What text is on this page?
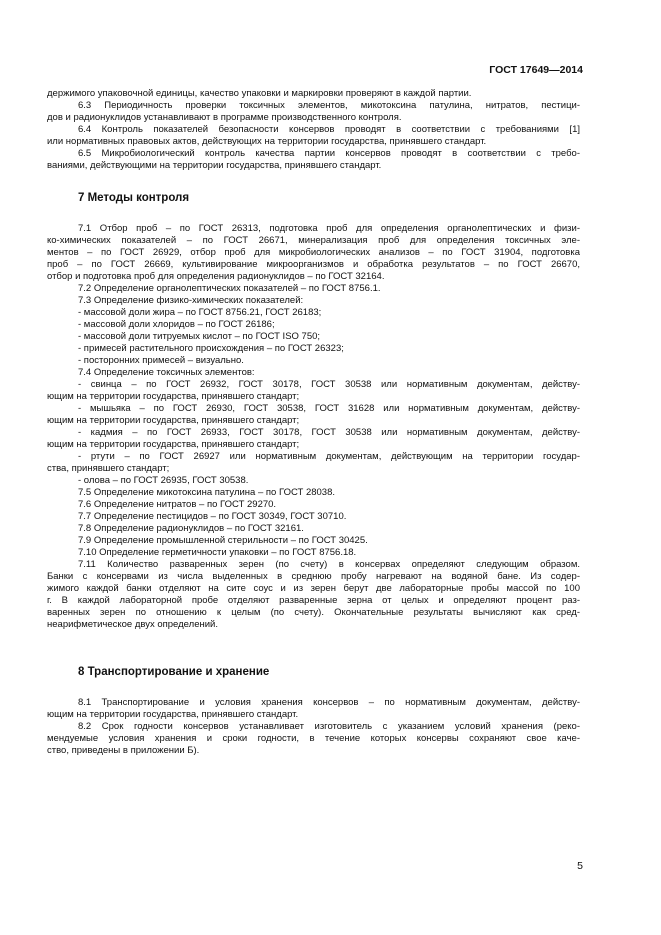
ГОСТ 17649—2014
держимого упаковочной единицы, качество упаковки и маркировки проверяют в каждой партии.
6.3 Периодичность проверки токсичных элементов, микотоксина патулина, нитратов, пестици-
дов и радионуклидов устанавливают в программе производственного контроля.
6.4 Контроль показателей безопасности консервов проводят в соответствии с требованиями [1]
или нормативных правовых актов, действующих на территории государства, принявшего стандарт.
6.5 Микробиологический контроль качества партии консервов проводят в соответствии с требо-
ваниями, действующими на территории государства, принявшего стандарт.
7 Методы контроля
7.1 Отбор проб – по ГОСТ 26313, подготовка проб для определения органолептических и физи-
ко-химических показателей – по ГОСТ 26671, минерализация проб для определения токсичных эле-
ментов – по ГОСТ 26929, отбор проб для микробиологических анализов – по ГОСТ 31904, подготовка
проб – по ГОСТ 26669, культивирование микроорганизмов и обработка результатов – по ГОСТ 26670,
отбор и подготовка проб для определения радионуклидов – по ГОСТ 32164.
7.2 Определение органолептических показателей – по ГОСТ 8756.1.
7.3 Определение физико-химических показателей:
- массовой доли жира – по ГОСТ 8756.21, ГОСТ 26183;
- массовой доли хлоридов – по ГОСТ 26186;
- массовой доли титруемых кислот – по ГОСТ ISO 750;
- примесей растительного происхождения – по ГОСТ 26323;
- посторонних примесей – визуально.
7.4 Определение токсичных элементов:
- свинца – по ГОСТ 26932, ГОСТ 30178, ГОСТ 30538 или нормативным документам, действу-
ющим на территории государства, принявшего стандарт;
- мышьяка – по ГОСТ 26930, ГОСТ 30538, ГОСТ 31628 или нормативным документам, действу-
ющим на территории государства, принявшего стандарт;
- кадмия – по ГОСТ 26933, ГОСТ 30178, ГОСТ 30538 или нормативным документам, действу-
ющим на территории государства, принявшего стандарт;
- ртути – по ГОСТ 26927 или нормативным документам, действующим на территории государ-
ства, принявшего стандарт;
- олова – по ГОСТ 26935, ГОСТ 30538.
7.5 Определение микотоксина патулина – по ГОСТ 28038.
7.6 Определение нитратов – по ГОСТ 29270.
7.7 Определение пестицидов – по ГОСТ 30349, ГОСТ 30710.
7.8 Определение радионуклидов – по ГОСТ 32161.
7.9 Определение промышленной стерильности – по ГОСТ 30425.
7.10 Определение герметичности упаковки – по ГОСТ 8756.18.
7.11 Количество разваренных зерен (по счету) в консервах определяют следующим образом.
Банки с консервами из числа выделенных в среднюю пробу нагревают на водяной бане. Из содер-
жимого каждой банки отделяют на сите соус и из зерен берут две лабораторные пробы массой по 100
г. В каждой лабораторной пробе отделяют разваренные зерна от целых и определяют процент раз-
варенных зерен по отношению к целым (по счету). Окончательные результаты вычисляют как сред-
неарифметическое двух определений.
8 Транспортирование и хранение
8.1 Транспортирование и условия хранения консервов – по нормативным документам, действу-
ющим на территории государства, принявшего стандарт.
8.2 Срок годности консервов устанавливает изготовитель с указанием условий хранения (реко-
мендуемые условия хранения и сроки годности, в течение которых консервы сохраняют свое каче-
ство, приведены в приложении Б).
5
